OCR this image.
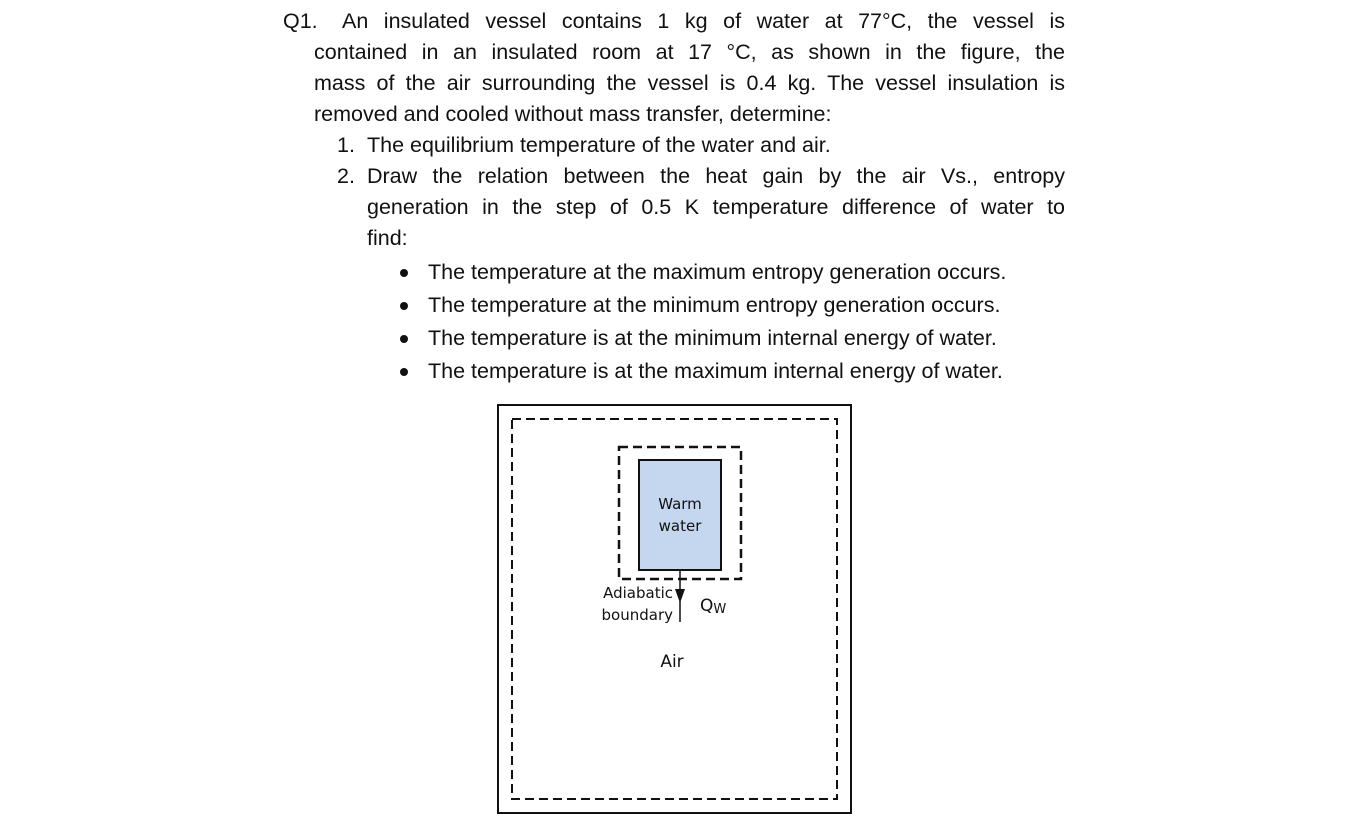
Q1.	An insulated vessel contains 1 kg of water at 77°C, the vessel is
contained in an insulated room at 17 °C, as shown in the figure, the
mass of the air surrounding the vessel is 0.4 kg. The vessel insulation is
removed and cooled without mass transfer, determine:
1. The equilibrium temperature of the water and air.
2. Draw the relation between the heat gain by the air Vs., entropy
generation in the step of 0.5 K temperature difference of water to
find:
The temperature at the maximum entropy generation occurs.
The temperature at the minimum entropy generation occurs.
The temperature is at the minimum internal energy of water.
The temperature is at the maximum internal energy of water.
Warm
water
Adiabatic
boundary QW
Air
